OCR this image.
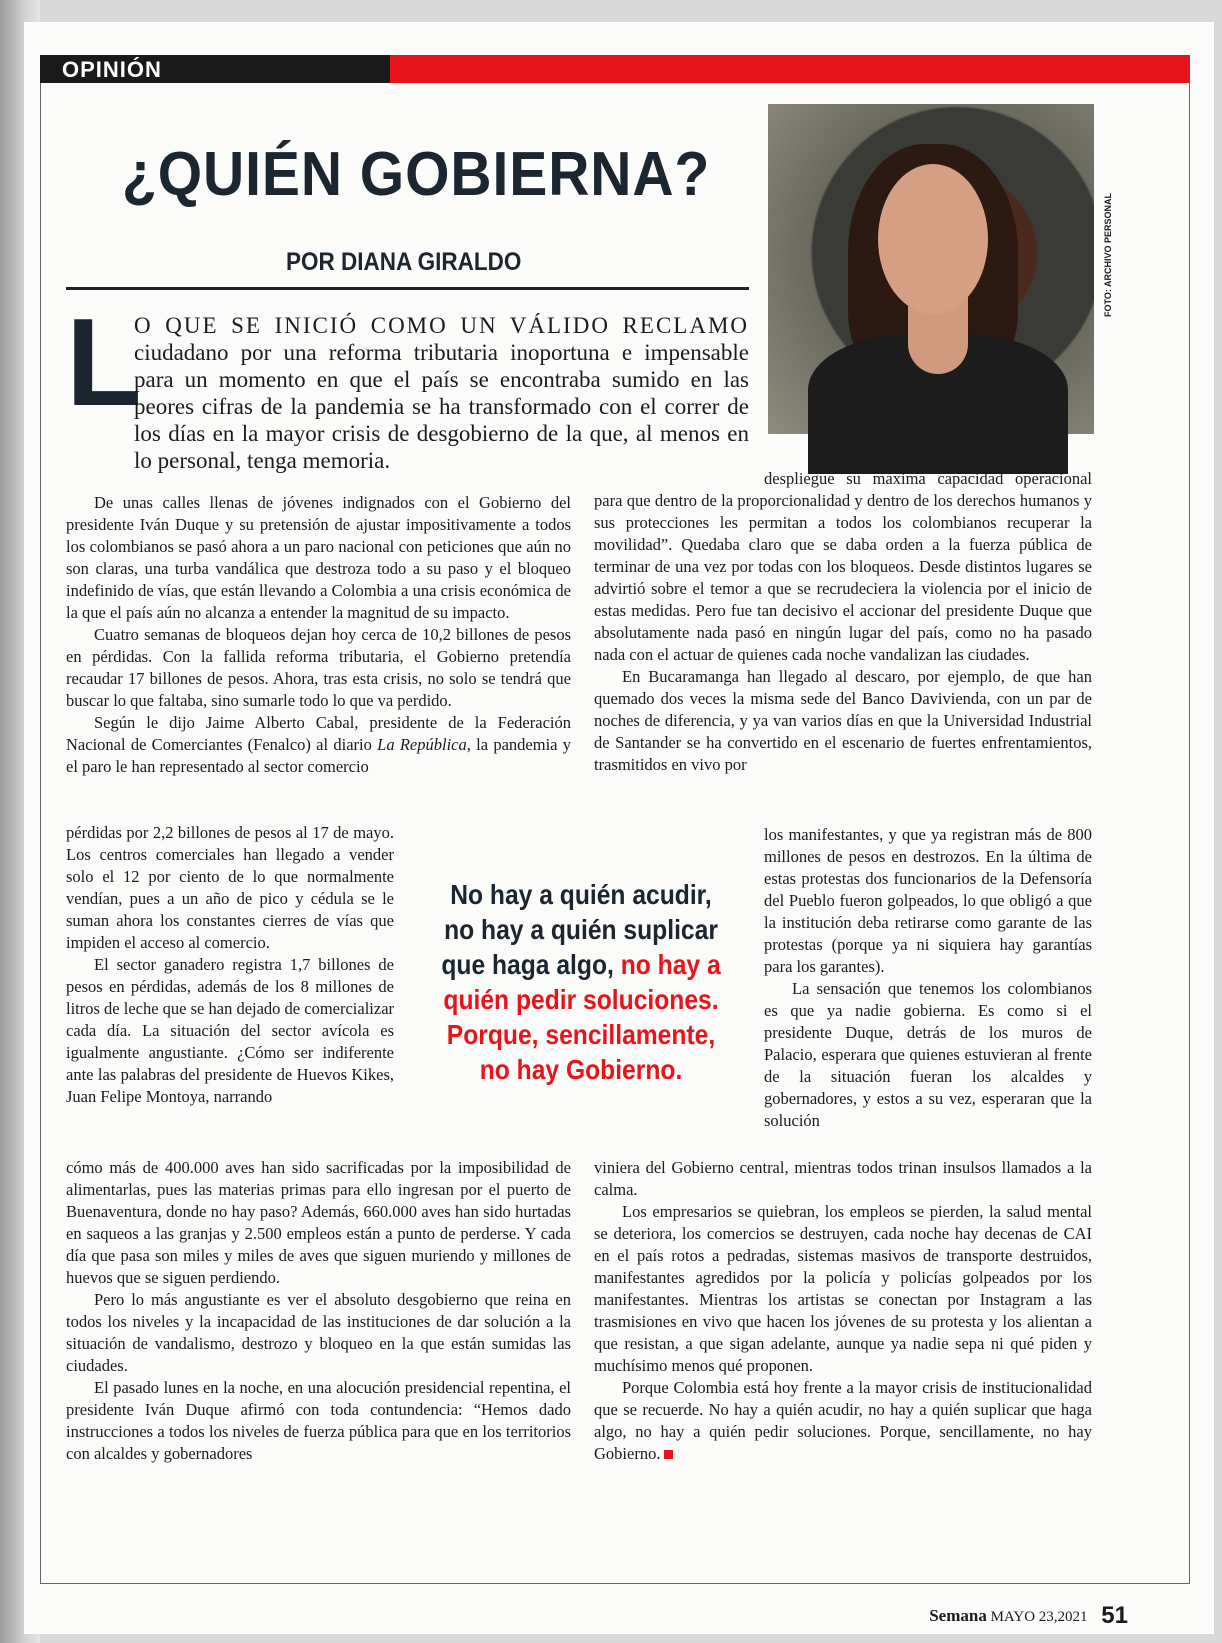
OPINIÓN
¿QUIÉN GOBIERNA?
POR DIANA GIRALDO	FOTO: ARCHIVO PERSONAL
L

O QUE SE INICIÓ COMO UN VÁLIDO RECLAMO ciudadano por una reforma tributaria inoportuna e impensable para un momento en que el país se encontraba sumido en las peores cifras de la pandemia se ha transformado con el correr de los días en la mayor crisis de desgobierno de la que, al menos en lo personal, tenga memoria.

De unas calles llenas de jóvenes indignados con el Gobierno del presidente Iván Duque y su pretensión de ajustar impositivamente a todos los colombianos se pasó ahora a un paro nacional con peticiones que aún no son claras, una turba vandálica que destroza todo a su paso y el bloqueo indefinido de vías, que están llevando a Colombia a una crisis económica de la que el país aún no alcanza a entender la magnitud de su impacto.

Cuatro semanas de bloqueos dejan hoy cerca de 10,2 billones de pesos en pérdidas. Con la fallida reforma tributaria, el Gobierno pretendía recaudar 17 billones de pesos. Ahora, tras esta crisis, no solo se tendrá que buscar lo que faltaba, sino sumarle todo lo que va perdido.

Según le dijo Jaime Alberto Cabal, presidente de la Federación Nacional de Comerciantes (Fenalco) al diario La República, la pandemia y el paro le han representado al sector comercio

pérdidas por 2,2 billones de pesos al 17 de mayo. Los centros comerciales han llegado a vender solo el 12 por ciento de lo que normalmente vendían, pues a un año de pico y cédula se le suman ahora los constantes cierres de vías que impiden el acceso al comercio.

El sector ganadero registra 1,7 billones de pesos en pérdidas, además de los 8 millones de litros de leche que se han dejado de comercializar cada día. La situación del sector avícola es igualmente angustiante. ¿Cómo ser indiferente ante las palabras del presidente de Huevos Kikes, Juan Felipe Montoya, narrando

cómo más de 400.000 aves han sido sacrificadas por la imposibilidad de alimentarlas, pues las materias primas para ello ingresan por el puerto de Buenaventura, donde no hay paso? Además, 660.000 aves han sido hurtadas en saqueos a las granjas y 2.500 empleos están a punto de perderse. Y cada día que pasa son miles y miles de aves que siguen muriendo y millones de huevos que se siguen perdiendo.

Pero lo más angustiante es ver el absoluto desgobierno que reina en todos los niveles y la incapacidad de las instituciones de dar solución a la situación de vandalismo, destrozo y bloqueo en la que están sumidas las ciudades.

El pasado lunes en la noche, en una alocución presidencial repentina, el presidente Iván Duque afirmó con toda contundencia: “Hemos dado instrucciones a todos los niveles de fuerza pública para que en los territorios con alcaldes y gobernadores

despliegue su máxima capacidad operacional para que dentro de la proporcionalidad y dentro de los derechos humanos y sus protecciones les permitan a todos los colombianos recuperar la movilidad”. Quedaba claro que se daba orden a la fuerza pública de terminar de una vez por todas con los bloqueos. Desde distintos lugares se advirtió sobre el temor a que se recrudeciera la violencia por el inicio de estas medidas. Pero fue tan decisivo el accionar del presidente Duque que absolutamente nada pasó en ningún lugar del país, como no ha pasado nada con el actuar de quienes cada noche vandalizan las ciudades.

En Bucaramanga han llegado al descaro, por ejemplo, de que han quemado dos veces la misma sede del Banco Davivienda, con un par de noches de diferencia, y ya van varios días en que la Universidad Industrial de Santander se ha convertido en el escenario de fuertes enfrentamientos, trasmitidos en vivo por

los manifestantes, y que ya registran más de 800 millones de pesos en destrozos. En la última de estas protestas dos funcionarios de la Defensoría del Pueblo fueron golpeados, lo que obligó a que la institución deba retirarse como garante de las protestas (porque ya ni siquiera hay garantías para los garantes).

La sensación que tenemos los colombianos es que ya nadie gobierna. Es como si el presidente Duque, detrás de los muros de Palacio, esperara que quienes estuvieran al frente de la situación fueran los alcaldes y gobernadores, y estos a su vez, esperaran que la solución

viniera del Gobierno central, mientras todos trinan insulsos llamados a la calma.

Los empresarios se quiebran, los empleos se pierden, la salud mental se deteriora, los comercios se destruyen, cada noche hay decenas de CAI en el país rotos a pedradas, sistemas masivos de transporte destruidos, manifestantes agredidos por la policía y policías golpeados por los manifestantes. Mientras los artistas se conectan por Instagram a las trasmisiones en vivo que hacen los jóvenes de su protesta y los alientan a que resistan, a que sigan adelante, aunque ya nadie sepa ni qué piden y muchísimo menos qué proponen.

Porque Colombia está hoy frente a la mayor crisis de institucionalidad que se recuerde. No hay a quién acudir, no hay a quién suplicar que haga algo, no hay a quién pedir soluciones. Porque, sencillamente, no hay Gobierno.

No hay a quién acudir, no hay a quién suplicar que haga algo, no hay a quién pedir soluciones. Porque, sencillamente, no hay Gobierno.
Semana MAYO 23,2021 51
